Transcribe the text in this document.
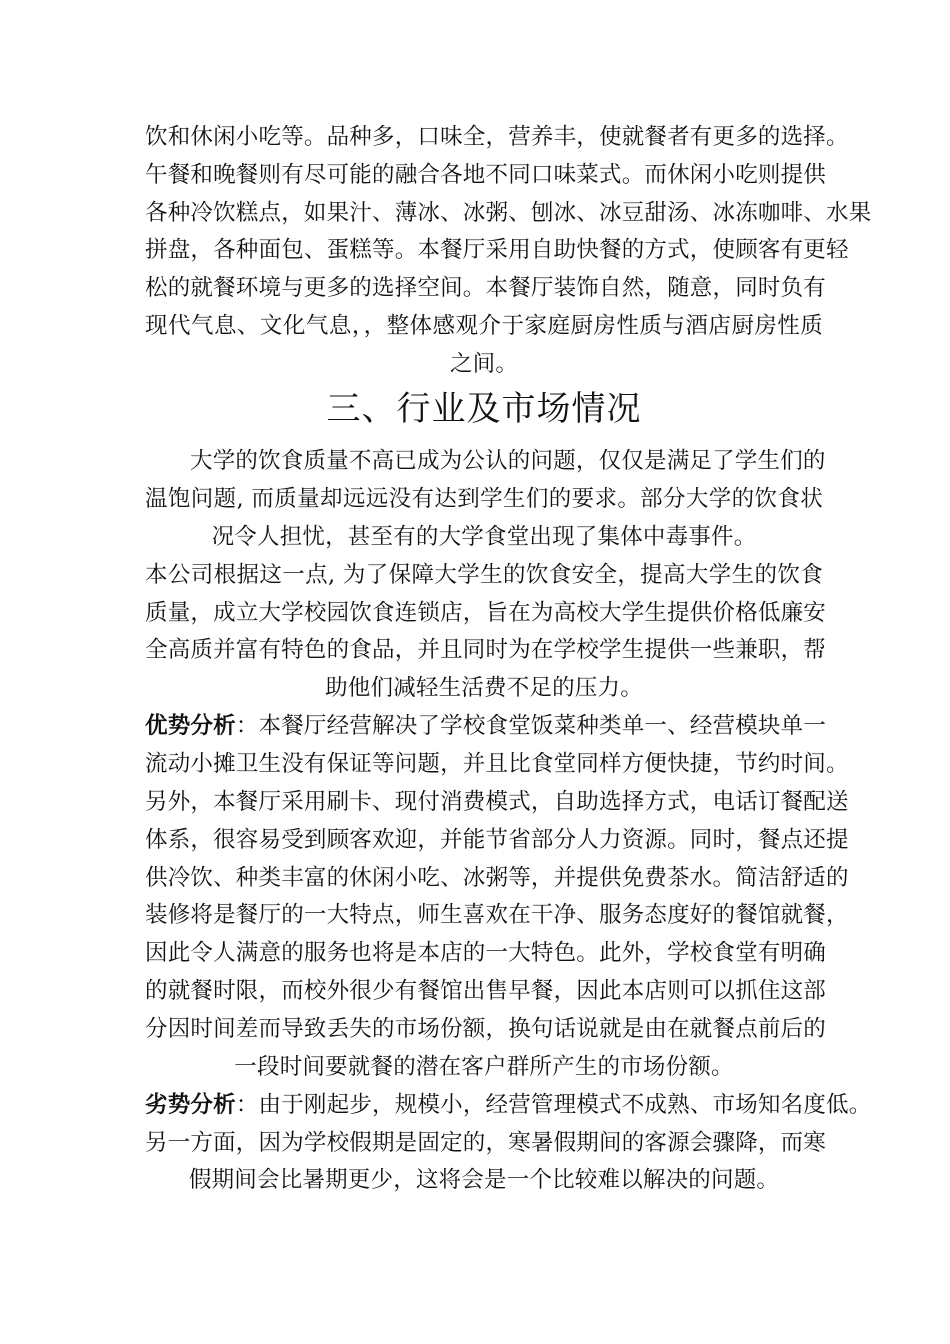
饮和休闲小吃等。品种多，口味全，营养丰，使就餐者有更多的选择。
午餐和晚餐则有尽可能的融合各地不同口味菜式。而休闲小吃则提供
各种冷饮糕点，如果汁、薄冰、冰粥、刨冰、冰豆甜汤、冰冻咖啡、水果
拼盘，各种面包、蛋糕等。本餐厅采用自助快餐的方式，使顾客有更轻
松的就餐环境与更多的选择空间。本餐厅装饰自然，随意，同时负有
现代气息、文化气息，，整体感观介于家庭厨房性质与酒店厨房性质
之间。
三、行业及市场情况
大学的饮食质量不高已成为公认的问题，仅仅是满足了学生们的
温饱问题, 而质量却远远没有达到学生们的要求。部分大学的饮食状
况令人担忧，甚至有的大学食堂出现了集体中毒事件。
本公司根据这一点, 为了保障大学生的饮食安全，提高大学生的饮食
质量，成立大学校园饮食连锁店，旨在为高校大学生提供价格低廉安
全高质并富有特色的食品，并且同时为在学校学生提供一些兼职，帮
助他们减轻生活费不足的压力。
优势分析：本餐厅经营解决了学校食堂饭菜种类单一、经营模块单一
流动小摊卫生没有保证等问题，并且比食堂同样方便快捷，节约时间。
另外，本餐厅采用刷卡、现付消费模式，自助选择方式，电话订餐配送
体系，很容易受到顾客欢迎，并能节省部分人力资源。同时，餐点还提
供冷饮、种类丰富的休闲小吃、冰粥等，并提供免费茶水。简洁舒适的
装修将是餐厅的一大特点，师生喜欢在干净、服务态度好的餐馆就餐，
因此令人满意的服务也将是本店的一大特色。此外，学校食堂有明确
的就餐时限，而校外很少有餐馆出售早餐，因此本店则可以抓住这部
分因时间差而导致丢失的市场份额，换句话说就是由在就餐点前后的
一段时间要就餐的潜在客户群所产生的市场份额。
劣势分析：由于刚起步，规模小，经营管理模式不成熟、市场知名度低。
另一方面，因为学校假期是固定的，寒暑假期间的客源会骤降，而寒
假期间会比暑期更少，这将会是一个比较难以解决的问题。
